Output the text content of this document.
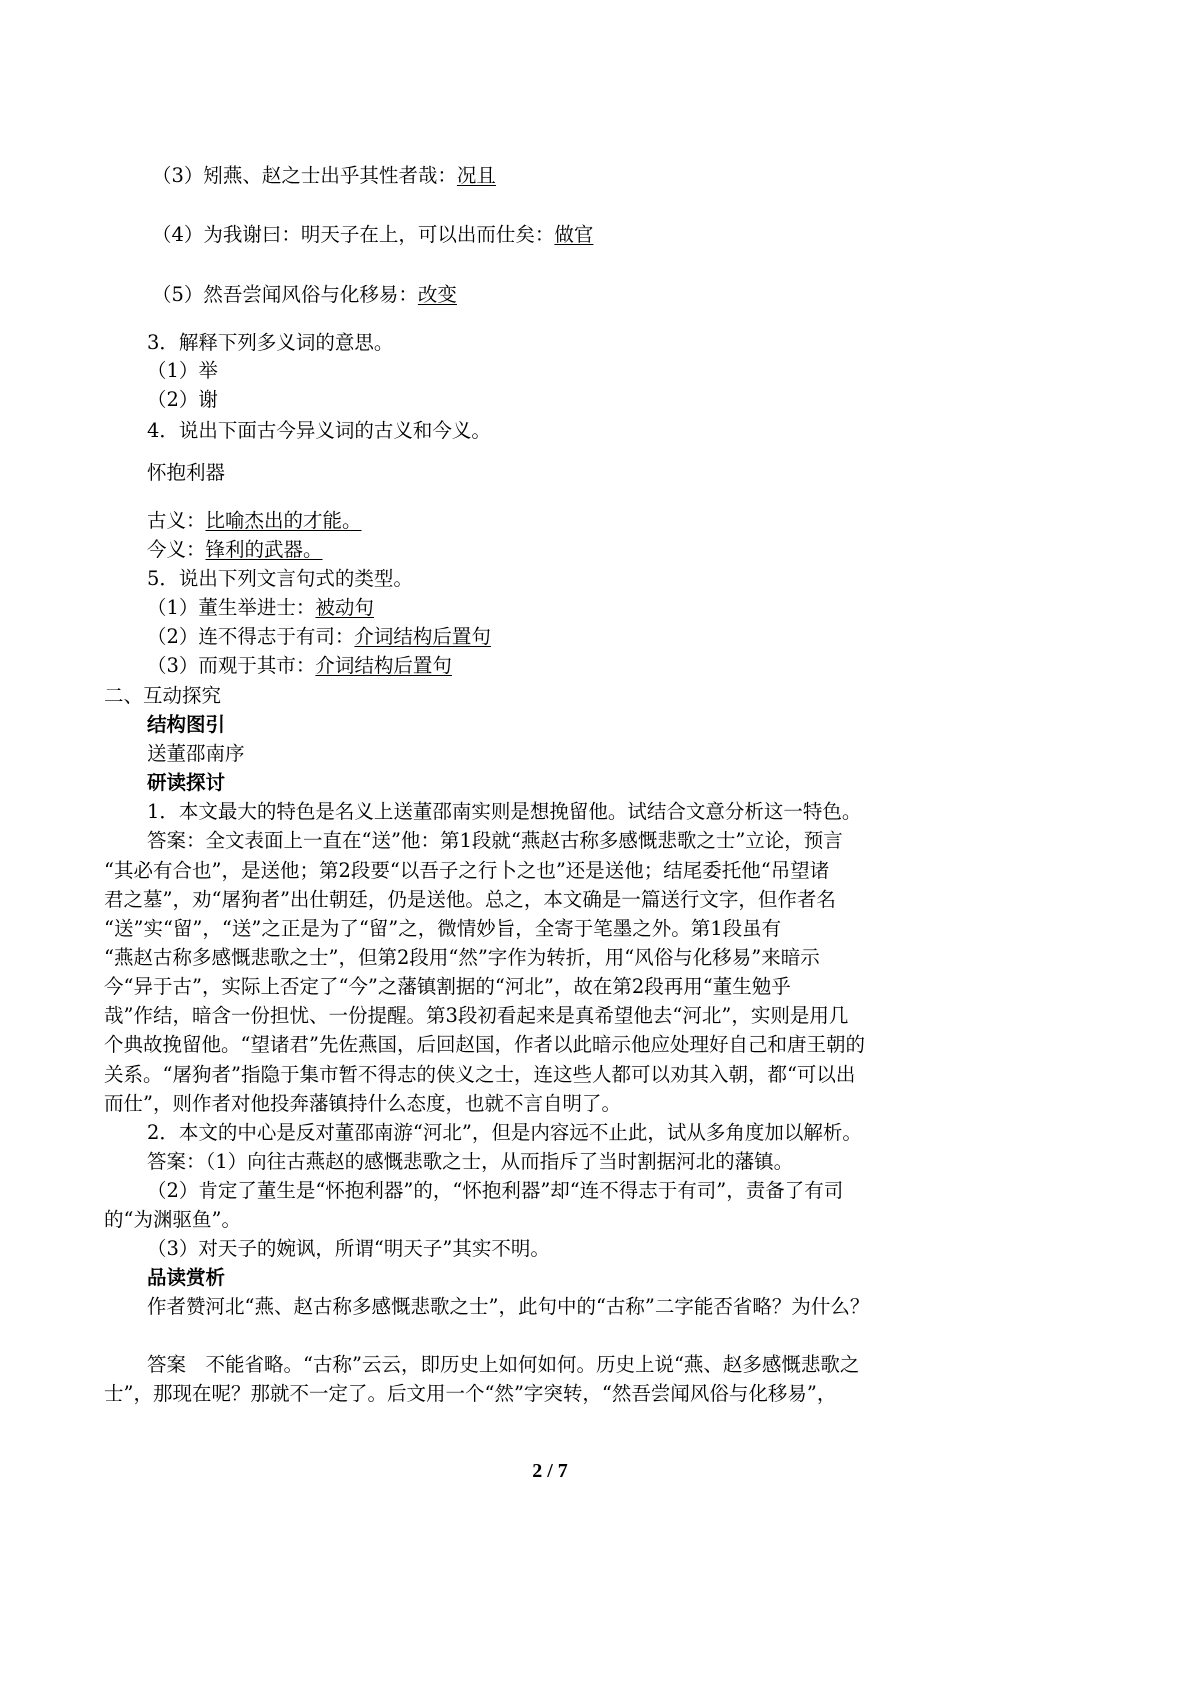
（3）矧燕、赵之士出乎其性者哉：况且
（4）为我谢曰：明天子在上，可以出而仕矣：做官
（5）然吾尝闻风俗与化移易：改变
3．解释下列多义词的意思。
（1）举
（2）谢
4．说出下面古今异义词的古义和今义。
怀抱利器
古义：比喻杰出的才能。
今义：锋利的武器。
5．说出下列文言句式的类型。
（1）董生举进士：被动句
（2）连不得志于有司：介词结构后置句
（3）而观于其市：介词结构后置句
二、互动探究
结构图引
送董邵南序
研读探讨
1．本文最大的特色是名义上送董邵南实则是想挽留他。试结合文意分析这一特色。
答案：全文表面上一直在“送”他：第1段就“燕赵古称多感慨悲歌之士”立论，预言
“其必有合也”，是送他；第2段要“以吾子之行卜之也”还是送他；结尾委托他“吊望诸
君之墓”，劝“屠狗者”出仕朝廷，仍是送他。总之，本文确是一篇送行文字，但作者名
“送”实“留”，“送”之正是为了“留”之，微情妙旨，全寄于笔墨之外。第1段虽有
“燕赵古称多感慨悲歌之士”，但第2段用“然”字作为转折，用“风俗与化移易”来暗示
今“异于古”，实际上否定了“今”之藩镇割据的“河北”，故在第2段再用“董生勉乎
哉”作结，暗含一份担忧、一份提醒。第3段初看起来是真希望他去“河北”，实则是用几
个典故挽留他。“望诸君”先佐燕国，后回赵国，作者以此暗示他应处理好自己和唐王朝的
关系。“屠狗者”指隐于集市暂不得志的侠义之士，连这些人都可以劝其入朝，都“可以出
而仕”，则作者对他投奔藩镇持什么态度，也就不言自明了。
2．本文的中心是反对董邵南游“河北”，但是内容远不止此，试从多角度加以解析。
答案：（1）向往古燕赵的感慨悲歌之士，从而指斥了当时割据河北的藩镇。
（2）肯定了董生是“怀抱利器”的，“怀抱利器”却“连不得志于有司”，责备了有司
的“为渊驱鱼”。
（3）对天子的婉讽，所谓“明天子”其实不明。
品读赏析
作者赞河北“燕、赵古称多感慨悲歌之士”，此句中的“古称”二字能否省略？为什么？
答案　不能省略。“古称”云云，即历史上如何如何。历史上说“燕、赵多感慨悲歌之
士”，那现在呢？那就不一定了。后文用一个“然”字突转，“然吾尝闻风俗与化移易”，
2 / 7
